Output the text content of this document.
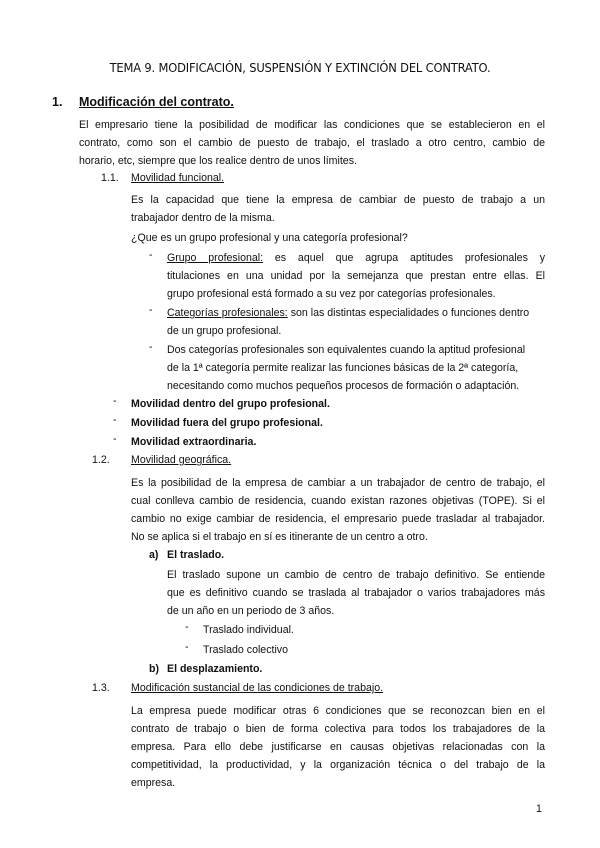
TEMA 9. MODIFICACIÓN, SUSPENSIÓN Y EXTINCIÓN DEL CONTRATO.
1. Modificación del contrato.
El empresario tiene la posibilidad de modificar las condiciones que se establecieron en el
contrato, como son el cambio de puesto de trabajo, el traslado a otro centro, cambio de
horario, etc, siempre que los realice dentro de unos límites.
1.1. Movilidad funcional.
Es la capacidad que tiene la empresa de cambiar de puesto de trabajo a un
trabajador dentro de la misma.
¿Que es un grupo profesional y una categoría profesional?
- Grupo profesional: es aquel que agrupa aptitudes profesionales y
titulaciones en una unidad por la semejanza que prestan entre ellas. El
grupo profesional está formado a su vez por categorías profesionales.
- Categorías profesionales: son las distintas especialidades o funciones dentro
de un grupo profesional.
- Dos categorías profesionales son equivalentes cuando la aptitud profesional
de la 1ª categoría permite realizar las funciones básicas de la 2ª categoría,
necesitando como muchos pequeños procesos de formación o adaptación.
- Movilidad dentro del grupo profesional.
- Movilidad fuera del grupo profesional.
- Movilidad extraordinaria.
1.2. Movilidad geográfica.
Es la posibilidad de la empresa de cambiar a un trabajador de centro de trabajo, el
cual conlleva cambio de residencia, cuando existan razones objetivas (TOPE). Si el
cambio no exige cambiar de residencia, el empresario puede trasladar al trabajador.
No se aplica si el trabajo en sí es itinerante de un centro a otro.
a) El traslado.
El traslado supone un cambio de centro de trabajo definitivo. Se entiende
que es definitivo cuando se traslada al trabajador o varios trabajadores más
de un año en un periodo de 3 años.
- Traslado individual.
- Traslado colectivo
b) El desplazamiento.
1.3. Modificación sustancial de las condiciones de trabajo.
La empresa puede modificar otras 6 condiciones que se reconozcan bien en el
contrato de trabajo o bien de forma colectiva para todos los trabajadores de la
empresa. Para ello debe justificarse en causas objetivas relacionadas con la
competitividad, la productividad, y la organización técnica o del trabajo de la
empresa.
1
